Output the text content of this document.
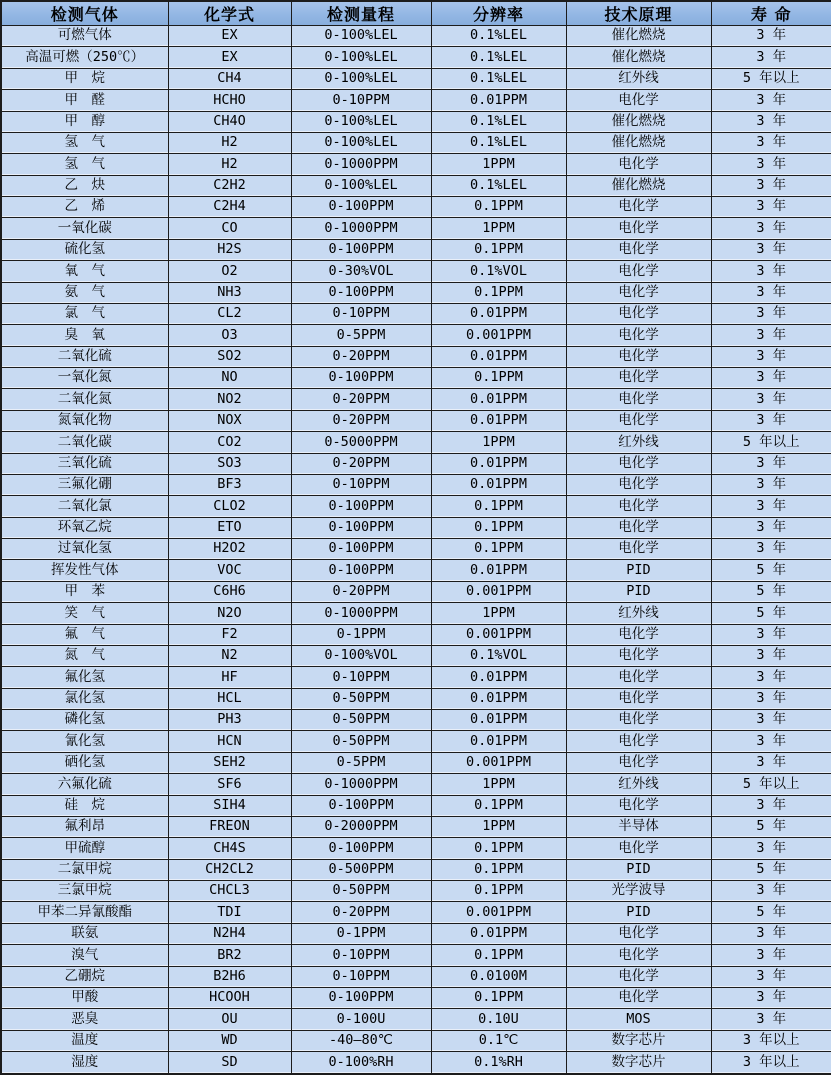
检测气体	化学式	检测量程	分辨率	技术原理	寿 命
可燃气体	EX	0-100%LEL	0.1%LEL	催化燃烧	3 年
高温可燃（250℃）	EX	0-100%LEL	0.1%LEL	催化燃烧	3 年
甲　烷	CH4	0-100%LEL	0.1%LEL	红外线	5 年以上
甲　醛	HCHO	0-10PPM	0.01PPM	电化学	3 年
甲　醇	CH4O	0-100%LEL	0.1%LEL	催化燃烧	3 年
氢　气	H2	0-100%LEL	0.1%LEL	催化燃烧	3 年
氢　气	H2	0-1000PPM	1PPM	电化学	3 年
乙　炔	C2H2	0-100%LEL	0.1%LEL	催化燃烧	3 年
乙　烯	C2H4	0-100PPM	0.1PPM	电化学	3 年
一氧化碳	CO	0-1000PPM	1PPM	电化学	3 年
硫化氢	H2S	0-100PPM	0.1PPM	电化学	3 年
氧　气	O2	0-30%VOL	0.1%VOL	电化学	3 年
氨　气	NH3	0-100PPM	0.1PPM	电化学	3 年
氯　气	CL2	0-10PPM	0.01PPM	电化学	3 年
臭　氧	O3	0-5PPM	0.001PPM	电化学	3 年
二氧化硫	SO2	0-20PPM	0.01PPM	电化学	3 年
一氧化氮	NO	0-100PPM	0.1PPM	电化学	3 年
二氧化氮	NO2	0-20PPM	0.01PPM	电化学	3 年
氮氧化物	NOX	0-20PPM	0.01PPM	电化学	3 年
二氧化碳	CO2	0-5000PPM	1PPM	红外线	5 年以上
三氧化硫	SO3	0-20PPM	0.01PPM	电化学	3 年
三氟化硼	BF3	0-10PPM	0.01PPM	电化学	3 年
二氧化氯	CLO2	0-100PPM	0.1PPM	电化学	3 年
环氧乙烷	ETO	0-100PPM	0.1PPM	电化学	3 年
过氧化氢	H2O2	0-100PPM	0.1PPM	电化学	3 年
挥发性气体	VOC	0-100PPM	0.01PPM	PID	5 年
甲　苯	C6H6	0-20PPM	0.001PPM	PID	5 年
笑　气	N2O	0-1000PPM	1PPM	红外线	5 年
氟　气	F2	0-1PPM	0.001PPM	电化学	3 年
氮　气	N2	0-100%VOL	0.1%VOL	电化学	3 年
氟化氢	HF	0-10PPM	0.01PPM	电化学	3 年
氯化氢	HCL	0-50PPM	0.01PPM	电化学	3 年
磷化氢	PH3	0-50PPM	0.01PPM	电化学	3 年
氰化氢	HCN	0-50PPM	0.01PPM	电化学	3 年
硒化氢	SEH2	0-5PPM	0.001PPM	电化学	3 年
六氟化硫	SF6	0-1000PPM	1PPM	红外线	5 年以上
硅　烷	SIH4	0-100PPM	0.1PPM	电化学	3 年
氟利昂	FREON	0-2000PPM	1PPM	半导体	5 年
甲硫醇	CH4S	0-100PPM	0.1PPM	电化学	3 年
二氯甲烷	CH2CL2	0-500PPM	0.1PPM	PID	5 年
三氯甲烷	CHCL3	0-50PPM	0.1PPM	光学波导	3 年
甲苯二异氰酸酯	TDI	0-20PPM	0.001PPM	PID	5 年
联氨	N2H4	0-1PPM	0.01PPM	电化学	3 年
溴气	BR2	0-10PPM	0.1PPM	电化学	3 年
乙硼烷	B2H6	0-10PPM	0.0100M	电化学	3 年
甲酸	HCOOH	0-100PPM	0.1PPM	电化学	3 年
恶臭	OU	0-100U	0.10U	MOS	3 年
温度	WD	-40—80℃	0.1℃	数字芯片	3 年以上
湿度	SD	0-100%RH	0.1%RH	数字芯片	3 年以上
